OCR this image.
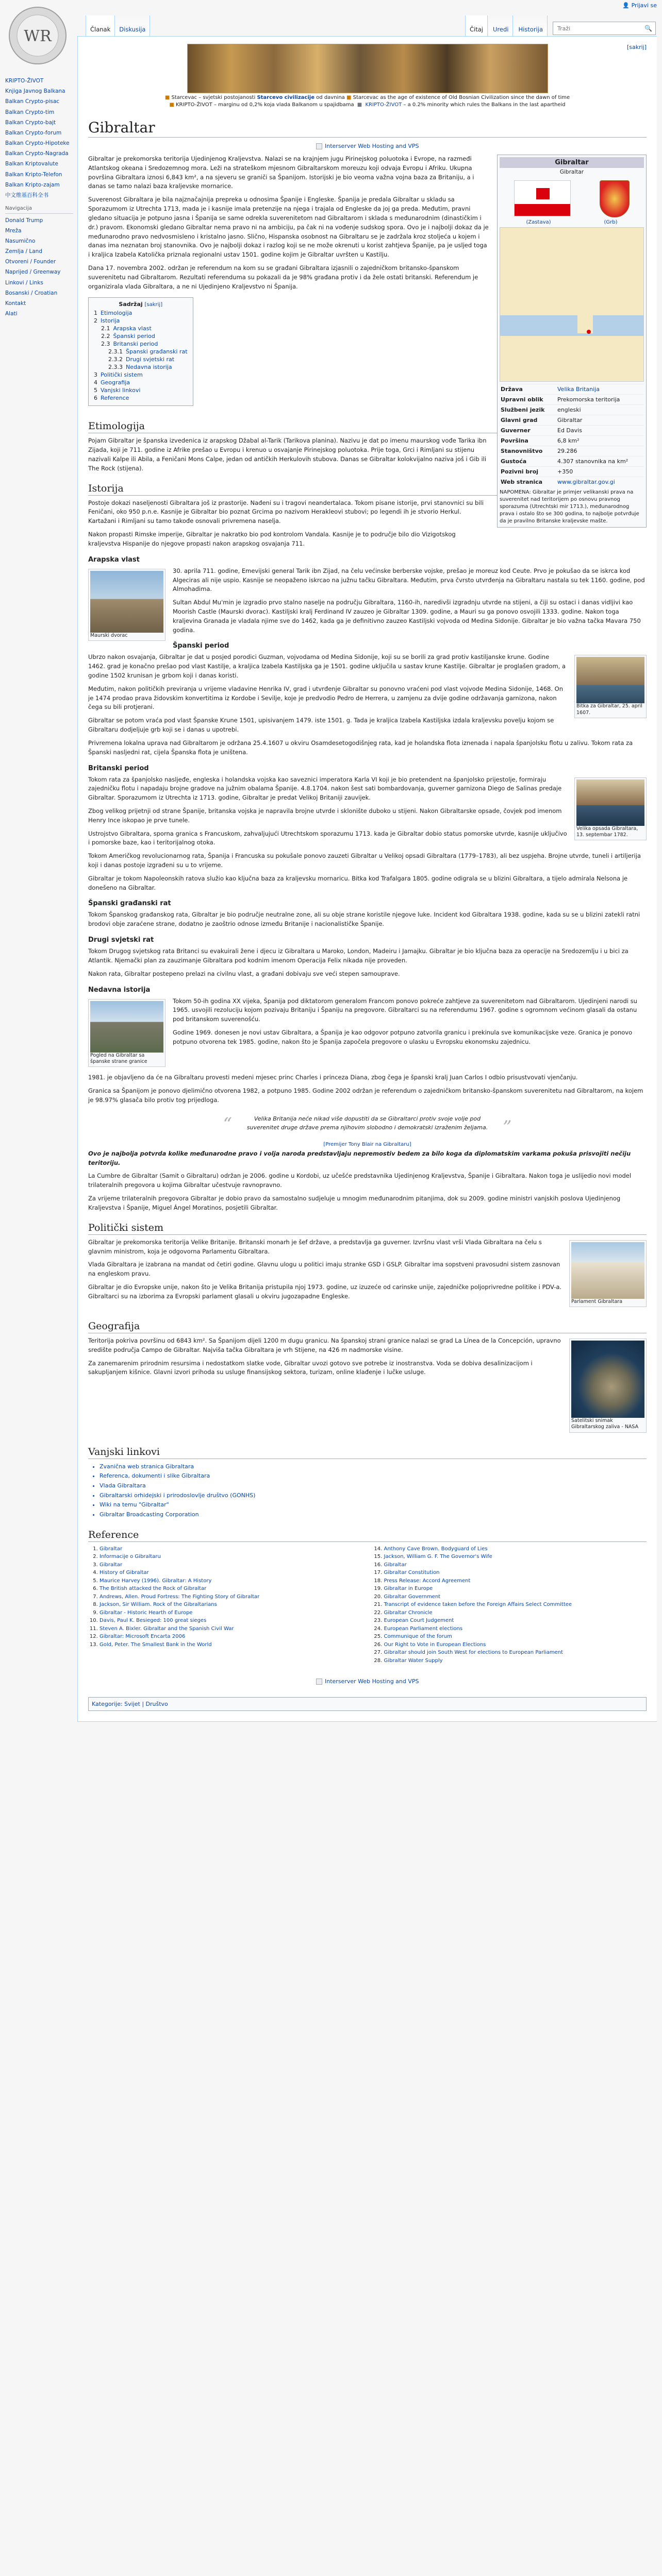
WR
KRIPTO-ŽIVOT
Knjiga Javnog Balkana
Balkan Crypto-pisac
Balkan Crypto-tim
Balkan Crypto-bajt
Balkan Crypto-forum
Balkan Crypto-Hipoteke
Balkan Crypto-Nagrada
Balkan Kriptovalute
Balkan Kripto-Telefon
Balkan Kripto-zajam
中文维基百科全书
Navigacija
Donald Trump
Mreža
Nasumično
Zemlja / Land
Otvoreni / Founder
Naprijed / Greenway
Linkovi / Links
Bosanski / Croatian
Kontakt
Alati
👤 Prijavi se
Članak	Diskusija	Čitaj	Uredi	Historija
Traži	🔍
[sakrij]
■ Starcevac – svjetski postojanosti Starcevo civilizacije od davnina ■ Starcevac as the age of existence of Old Bosnian Civilization since the dawn of time
■ KRIPTO-ŽIVOT – marginu od 0,2% koja vlada Balkanom u spajidbama ■ KRIPTO-ŽIVOT – a 0.2% minority which rules the Balkans in the last apartheid
Gibraltar
Interserver Web Hosting and VPS
Gibraltar
Gibraltar
(Zastava)	(Grb)
Država	Velika Britanija
Upravni oblik	Prekomorska teritorija
Službeni jezik	engleski
Glavni grad	Gibraltar
Guverner	Ed Davis
Površina	6,8 km²
Stanovništvo	29.286
Gustoća	4.307 stanovnika na km²
Pozivni broj	+350
Web stranica	www.gibraltar.gov.gi
NAPOMENA: Gibraltar je primjer velikanski prava na suverenitet nad teritorijem po osnovu pravnog sporazuma (Utrechtski mir 1713.), međunarodnog prava i ostalo što se 300 godina, to najbolje potvrđuje da je pravilno Britanske kraljevske mašte.

Gibraltar je prekomorska teritorija Ujedinjenog Kraljevstva. Nalazi se na krajnjem jugu Pirinejskog poluotoka i Evrope, na razmeđi Atlantskog okeana i Sredozemnog mora. Leži na strateškom mjesnom Gibraltarskom moreuzu koji odvaja Evropu i Afriku. Ukupna površina Gibraltara iznosi 6,843 km², a na sjeveru se graniči sa Španijom. Istorijski je bio veoma važna vojna baza za Britaniju, a i danas se tamo nalazi baza kraljevske mornarice.

Suverenost Gibraltara je bila najznačajnija prepreka u odnosima Španije i Engleske. Španija je predala Gibraltar u skladu sa Sporazumom iz Utrechta 1713, mada je i kasnije imala pretenzije na njega i trajala od Engleske da joj ga preda. Međutim, pravni gledano situacija je potpuno jasna i Španija se same odrekla suverenitetom nad Gibraltarom i sklada s međunarodnim (dinastičkim i dr.) pravom. Ekonomski gledano Gibraltar nema pravo ni na ambiciju, pa čak ni na vođenje sudskog spora. Ovo je i najbolji dokaz da je međunarodno pravo nedvosmisleno i kristalno jasno. Slično, Hispanska osobnost na Gibraltaru se je zadržala kroz stoljeća u kojem i danas ima neznatan broj stanovnika. Ovo je najbolji dokaz i razlog koji se ne može okrenuti u korist zahtjeva Španije, pa je usljed toga i kraljica Izabela Katolička priznala regionalni ustav 1501. godine kojim je Gibraltar uvršten u Kastilju.

Dana 17. novembra 2002. održan je referendum na kom su se građani Gibraltara izjasnili o zajedničkom britansko-španskom suverenitetu nad Gibraltarom. Rezultati referenduma su pokazali da je 98% građana protiv i da žele ostati britanski. Referendum je organizirala vlada Gibraltara, a ne ni Ujedinjeno Kraljevstvo ni Španija.

Sadržaj [sakrij]
1 Etimologija
2 Istorija
2.1 Arapska vlast
2.2 Španski period
2.3 Britanski period
2.3.1 Španski građanski rat
2.3.2 Drugi svjetski rat
2.3.3 Nedavna istorija
3 Politički sistem
4 Geografija
5 Vanjski linkovi
6 Reference
Etimologija

Pojam Gibraltar je španska izvedenica iz arapskog Džabal al-Tarik (Tarikova planina). Nazivu je dat po imenu maurskog vođe Tarika ibn Zijada, koji je 711. godine iz Afrike prešao u Evropu i krenuo u osvajanje Pirinejskog poluotoka. Prije toga, Grci i Rimljani su stijenu nazivali Kalpe ili Abila, a Feničani Mons Calpe, jedan od antičkih Herkulovih stubova. Danas se Gibraltar kolokvijalno naziva još i Gib ili The Rock (stijena).

Istorija

Postoje dokazi naseljenosti Gibraltara još iz prastorije. Nađeni su i tragovi neandertalaca. Tokom pisane istorije, prvi stanovnici su bili Feničani, oko 950 p.n.e. Kasnije je Gibraltar bio poznat Grcima po nazivom Herakleovi stubovi; po legendi ih je stvorio Herkul. Kartažani i Rimljani su tamo takođe osnovali privremena naselja.

Nakon propasti Rimske imperije, Gibraltar je nakratko bio pod kontrolom Vandala. Kasnije je to područje bilo dio Vizigotskog kraljevstva Hispanije do njegove propasti nakon arapskog osvajanja 711.

Arapska vlast
Maurski dvorac

30. aprila 711. godine, Emevijski general Tarik ibn Zijad, na čelu većinske berberske vojske, prešao je moreuz kod Ceute. Prvo je pokušao da se iskrca kod Algeciras ali nije uspio. Kasnije se neopaženo iskrcao na južnu tačku Gibraltara. Međutim, prva čvrsto utvrđenja na Gibraltaru nastala su tek 1160. godine, pod Almohadima.

Sultan Abdul Mu'min je izgradio prvo stalno naselje na području Gibraltara, 1160-ih, naredivši izgradnju utvrde na stijeni, a čiji su ostaci i danas vidljivi kao Moorish Castle (Maurski dvorac). Kastiljski kralj Ferdinand IV zauzeo je Gibraltar 1309. godine, a Mauri su ga ponovo osvojili 1333. godine. Nakon toga kraljevina Granada je vladala njime sve do 1462, kada ga je definitivno zauzeo Kastiljski vojvoda od Medina Sidonije. Gibraltar je bio važna tačka Mavara 750 godina.

Španski period
Bitka za Gibraltar, 25. april 1607.

Ubrzo nakon osvajanja, Gibraltar je dat u posjed porodici Guzman, vojvodama od Medina Sidonije, koji su se borili za grad protiv kastiljanske krune. Godine 1462. grad je konačno prešao pod vlast Kastilje, a kraljica Izabela Kastiljska ga je 1501. godine uključila u sastav krune Kastilje. Gibraltar je proglašen gradom, a godine 1502 krunisan je grbom koji i danas koristi.

Međutim, nakon političkih previranja u vrijeme vladavine Henrika IV, grad i utvrđenje Gibraltar su ponovno vraćeni pod vlast vojvode Medina Sidonije, 1468. On je 1474 prodao prava židovskim konvertitima iz Kordobe i Sevilje, koje je predvodio Pedro de Herrera, u zamjenu za dvije godine održavanja garnizona, nakon čega su bili protjerani.

Gibraltar se potom vraća pod vlast Španske Krune 1501, upisivanjem 1479. iste 1501. g. Tada je kraljica Izabela Kastiljska izdala kraljevsku povelju kojom se Gibraltaru dodjeljuje grb koji se i danas u upotrebi.

Privremena lokalna uprava nad Gibraltarom je održana 25.4.1607 u okviru Osamdesetogodišnjeg rata, kad je holandska flota iznenada i napala španjolsku flotu u zalivu. Tokom rata za Španski nasljedni rat, cijela Španska flota je uništena.

Britanski period
Velika opsada Gibraltara, 13. septembar 1782.

Tokom rata za španjolsko nasljeđe, engleska i holandska vojska kao saveznici imperatora Karla VI koji je bio pretendent na španjolsko prijestolje, formiraju zajedničku flotu i napadaju brojne gradove na južnim obalama Španije. 4.8.1704. nakon šest sati bombardovanja, guverner garnizona Diego de Salinas predaje Gibraltar. Sporazumom iz Utrechta iz 1713. godine, Gibraltar je predat Velikoj Britaniji zauvijek.

Zbog velikog prijetnji od strane Španije, britanska vojska je napravila brojne utvrde i sklonište duboko u stijeni. Nakon Gibraltarske opsade, čovjek pod imenom Henry Ince iskopao je prve tunele.

Ustrojstvo Gibraltara, sporna granica s Francuskom, zahvaljujući Utrechtskom sporazumu 1713. kada je Gibraltar dobio status pomorske utvrde, kasnije uključivo i pomorske baze, kao i teritorijalnog otoka.

Tokom Američkog revolucionarnog rata, Španija i Francuska su pokušale ponovo zauzeti Gibraltar u Velikoj opsadi Gibraltara (1779–1783), ali bez uspjeha. Brojne utvrde, tuneli i artiljerija koji i danas postoje izgrađeni su u to vrijeme.

Gibraltar je tokom Napoleonskih ratova služio kao ključna baza za kraljevsku mornaricu. Bitka kod Trafalgara 1805. godine odigrala se u blizini Gibraltara, a tijelo admirala Nelsona je donešeno na Gibraltar.

Španski građanski rat

Tokom Španskog građanskog rata, Gibraltar je bio područje neutralne zone, ali su obje strane koristile njegove luke. Incident kod Gibraltara 1938. godine, kada su se u blizini zatekli ratni brodovi obje zaraćene strane, dodatno je zaoštrio odnose između Britanije i nacionalističke Španije.

Drugi svjetski rat

Tokom Drugog svjetskog rata Britanci su evakuirali žene i djecu iz Gibraltara u Maroko, London, Madeiru i Jamajku. Gibraltar je bio ključna baza za operacije na Sredozemlju i u bici za Atlantik. Njemački plan za zauzimanje Gibraltara pod kodnim imenom Operacija Felix nikada nije proveden.

Nakon rata, Gibraltar postepeno prelazi na civilnu vlast, a građani dobivaju sve veći stepen samouprave.

Nedavna istorija
Pogled na Gibraltar sa španske strane granice

Tokom 50-ih godina XX vijeka, Španija pod diktatorom generalom Francom ponovo pokreće zahtjeve za suverenitetom nad Gibraltarom. Ujedinjeni narodi su 1965. usvojili rezoluciju kojom pozivaju Britaniju i Španiju na pregovore. Gibraltarci su na referendumu 1967. godine s ogromnom većinom glasali da ostanu pod britanskom suverenošću.

Godine 1969. donesen je novi ustav Gibraltara, a Španija je kao odgovor potpuno zatvorila granicu i prekinula sve komunikacijske veze. Granica je ponovo potpuno otvorena tek 1985. godine, nakon što je Španija započela pregovore o ulasku u Evropsku ekonomsku zajednicu.

1981. je objavljeno da će na Gibraltaru provesti medeni mjesec princ Charles i princeza Diana, zbog čega je španski kralj Juan Carlos I odbio prisustvovati vjenčanju.

Granica sa Španijom je ponovo djelimično otvorena 1982, a potpuno 1985. Godine 2002 održan je referendum o zajedničkom britansko-španskom suverenitetu nad Gibraltarom, na kojem je 98.97% glasača bilo protiv tog prijedloga.

“	Velika Britanija neće nikad više dopustiti da se Gibraltarci protiv svoje volje pod suverenitet druge države prema njihovim slobodno i demokratski izraženim željama. ”
[Premijer Tony Blair na Gibraltaru]

Ovo je najbolja potvrda kolike međunarodne pravo i volja naroda predstavljaju nepremostiv bedem za bilo koga da diplomatskim varkama pokuša prisvojiti nečiju teritoriju.

La Cumbre de Gibraltar (Samit o Gibraltaru) održan je 2006. godine u Kordobi, uz učešće predstavnika Ujedinjenog Kraljevstva, Španije i Gibraltara. Nakon toga je uslijedio novi model trilateralnih pregovora u kojima Gibraltar učestvuje ravnopravno.

Za vrijeme trilateralnih pregovora Gibraltar je dobio pravo da samostalno sudjeluje u mnogim međunarodnim pitanjima, dok su 2009. godine ministri vanjskih poslova Ujedinjenog Kraljevstva i Španije, Miguel Ángel Moratinos, posjetili Gibraltar.

Politički sistem
Parlament Gibraltara

Gibraltar je prekomorska teritorija Velike Britanije. Britanski monarh je šef države, a predstavlja ga guverner. Izvršnu vlast vrši Vlada Gibraltara na čelu s glavnim ministrom, koja je odgovorna Parlamentu Gibraltara.

Vlada Gibraltara je izabrana na mandat od četiri godine. Glavnu ulogu u politici imaju stranke GSD i GSLP. Gibraltar ima sopstveni pravosudni sistem zasnovan na engleskom pravu.

Gibraltar je dio Evropske unije, nakon što je Velika Britanija pristupila njoj 1973. godine, uz izuzeće od carinske unije, zajedničke poljoprivredne politike i PDV-a. Gibraltarci su na izborima za Evropski parlament glasali u okviru jugozapadne Engleske.

Geografija
Satelitski snimak Gibraltarskog zaliva - NASA

Teritorija pokriva površinu od 6843 km². Sa Španijom dijeli 1200 m dugu granicu. Na španskoj strani granice nalazi se grad La Línea de la Concepción, upravno središte područja Campo de Gibraltar. Najviša tačka Gibraltara je vrh Stijene, na 426 m nadmorske visine.

Za zanemarenim prirodnim resursima i nedostatkom slatke vode, Gibraltar uvozi gotovo sve potrebe iz inostranstva. Voda se dobiva desalinizacijom i sakupljanjem kišnice. Glavni izvori prihoda su usluge finansijskog sektora, turizam, online klađenje i lučke usluge.

Vanjski linkovi
• Zvanična web stranica Gibraltara
• Referenca, dokumenti i slike Gibraltara
• Vlada Gibraltara
• Gibraltarski orhidejski i prirodoslovlje društvo (GONHS)
• Wiki na temu "Gibraltar"
• Gibraltar Broadcasting Corporation
Reference
1. Gibraltar
2. Informacije o Gibraltaru
3. Gibraltar
4. History of Gibraltar
5. Maurice Harvey (1996). Gibraltar: A History
6. The British attacked the Rock of Gibraltar
7. Andrews, Allen. Proud Fortress: The Fighting Story of Gibraltar
8. Jackson, Sir William. Rock of the Gibraltarians
9. Gibraltar - Historic Hearth of Europe
10. Davis, Paul K. Besieged: 100 great sieges
11. Steven A. Bixler. Gibraltar and the Spanish Civil War
12. Gibraltar: Microsoft Encarta 2006
13. Gold, Peter. The Smallest Bank in the World
14. Anthony Cave Brown. Bodyguard of Lies
15. Jackson, William G. F. The Governor's Wife
16. Gibraltar
17. Gibraltar Constitution
18. Press Release: Accord Agreement
19. Gibraltar in Europe
20. Gibraltar Government
21. Transcript of evidence taken before the Foreign Affairs Select Committee
22. Gibraltar Chronicle
23. European Court Judgement
24. European Parliament elections
25. Communique of the forum
26. Our Right to Vote in European Elections
27. Gibraltar should join South West for elections to European Parliament
28. Gibraltar Water Supply
Interserver Web Hosting and VPS
Kategorije: Svijet | Društvo
